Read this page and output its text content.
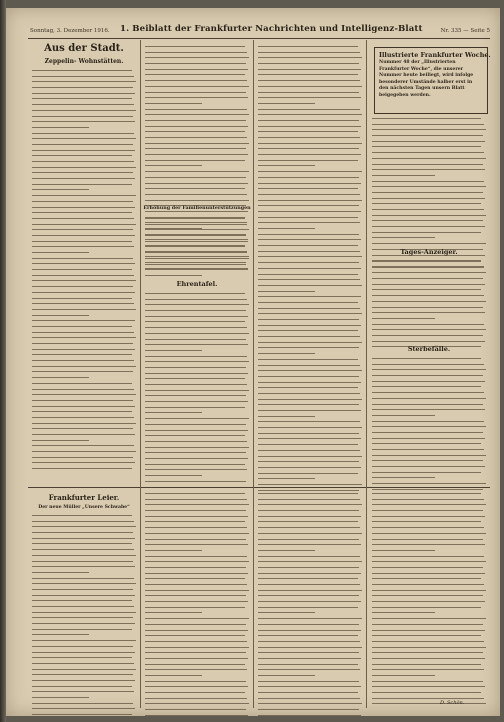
Sonntag, 3. Dezember 1916. 1. Beiblatt der Frankfurter Nachrichten und Intelligenz-Blatt	Nr. 335 — Seite 5
Aus der Stadt.
Zeppelin- Wohnstätten.
Erhöhung der Familienunterstützungen
Ehrentafel.
Illustrierte Frankfurter Woche.
Nummer 48 der „Illustrierten Frankfurter Woche“, die unserer Nummer heute beiliegt, wird infolge besonderer Umstände halber erst in den nächsten Tagen unsern Blatt beigegeben werden.
Tages-Anzeiger.
Sterbefälle.
Frankfurter Leier.
Der neue Müller „Unsere Schwabe“
D. Schön.
